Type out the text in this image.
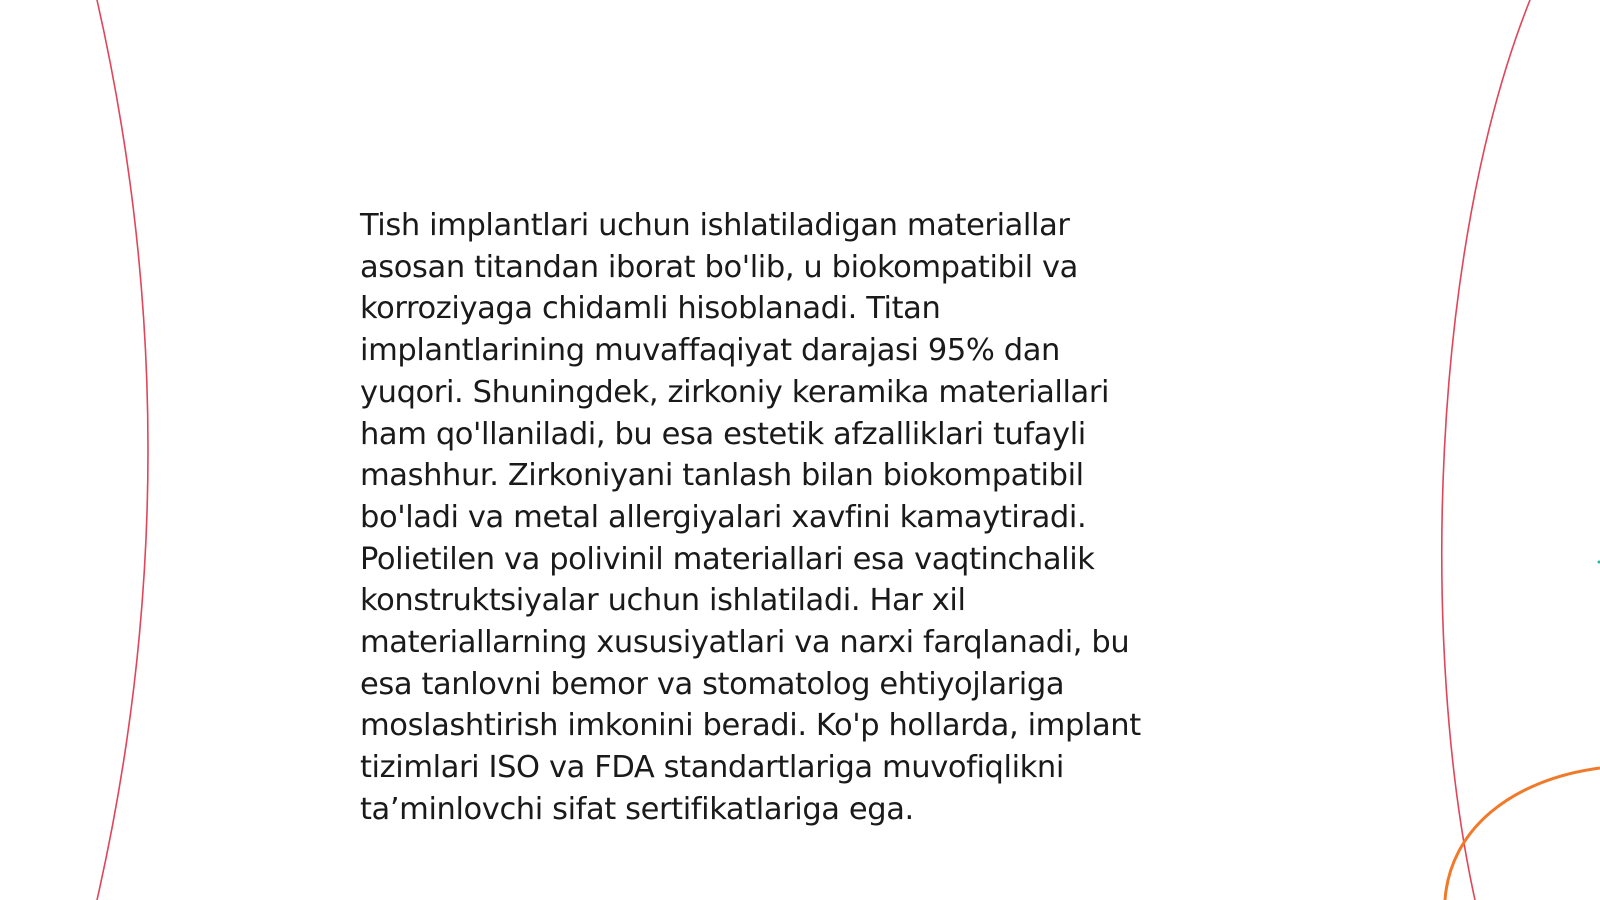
Tish implantlari uchun ishlatiladigan materiallar
asosan titandan iborat bo'lib, u biokompatibil va
korroziyaga chidamli hisoblanadi. Titan
implantlarining muvaffaqiyat darajasi 95% dan
yuqori. Shuningdek, zirkoniy keramika materiallari
ham qo'llaniladi, bu esa estetik afzalliklari tufayli
mashhur. Zirkoniyani tanlash bilan biokompatibil
bo'ladi va metal allergiyalari xavfini kamaytiradi.
Polietilen va polivinil materiallari esa vaqtinchalik
konstruktsiyalar uchun ishlatiladi. Har xil
materiallarning xususiyatlari va narxi farqlanadi, bu
esa tanlovni bemor va stomatolog ehtiyojlariga
moslashtirish imkonini beradi. Ko'p hollarda, implant
tizimlari ISO va FDA standartlariga muvofiqlikni
ta’minlovchi sifat sertifikatlariga ega.
